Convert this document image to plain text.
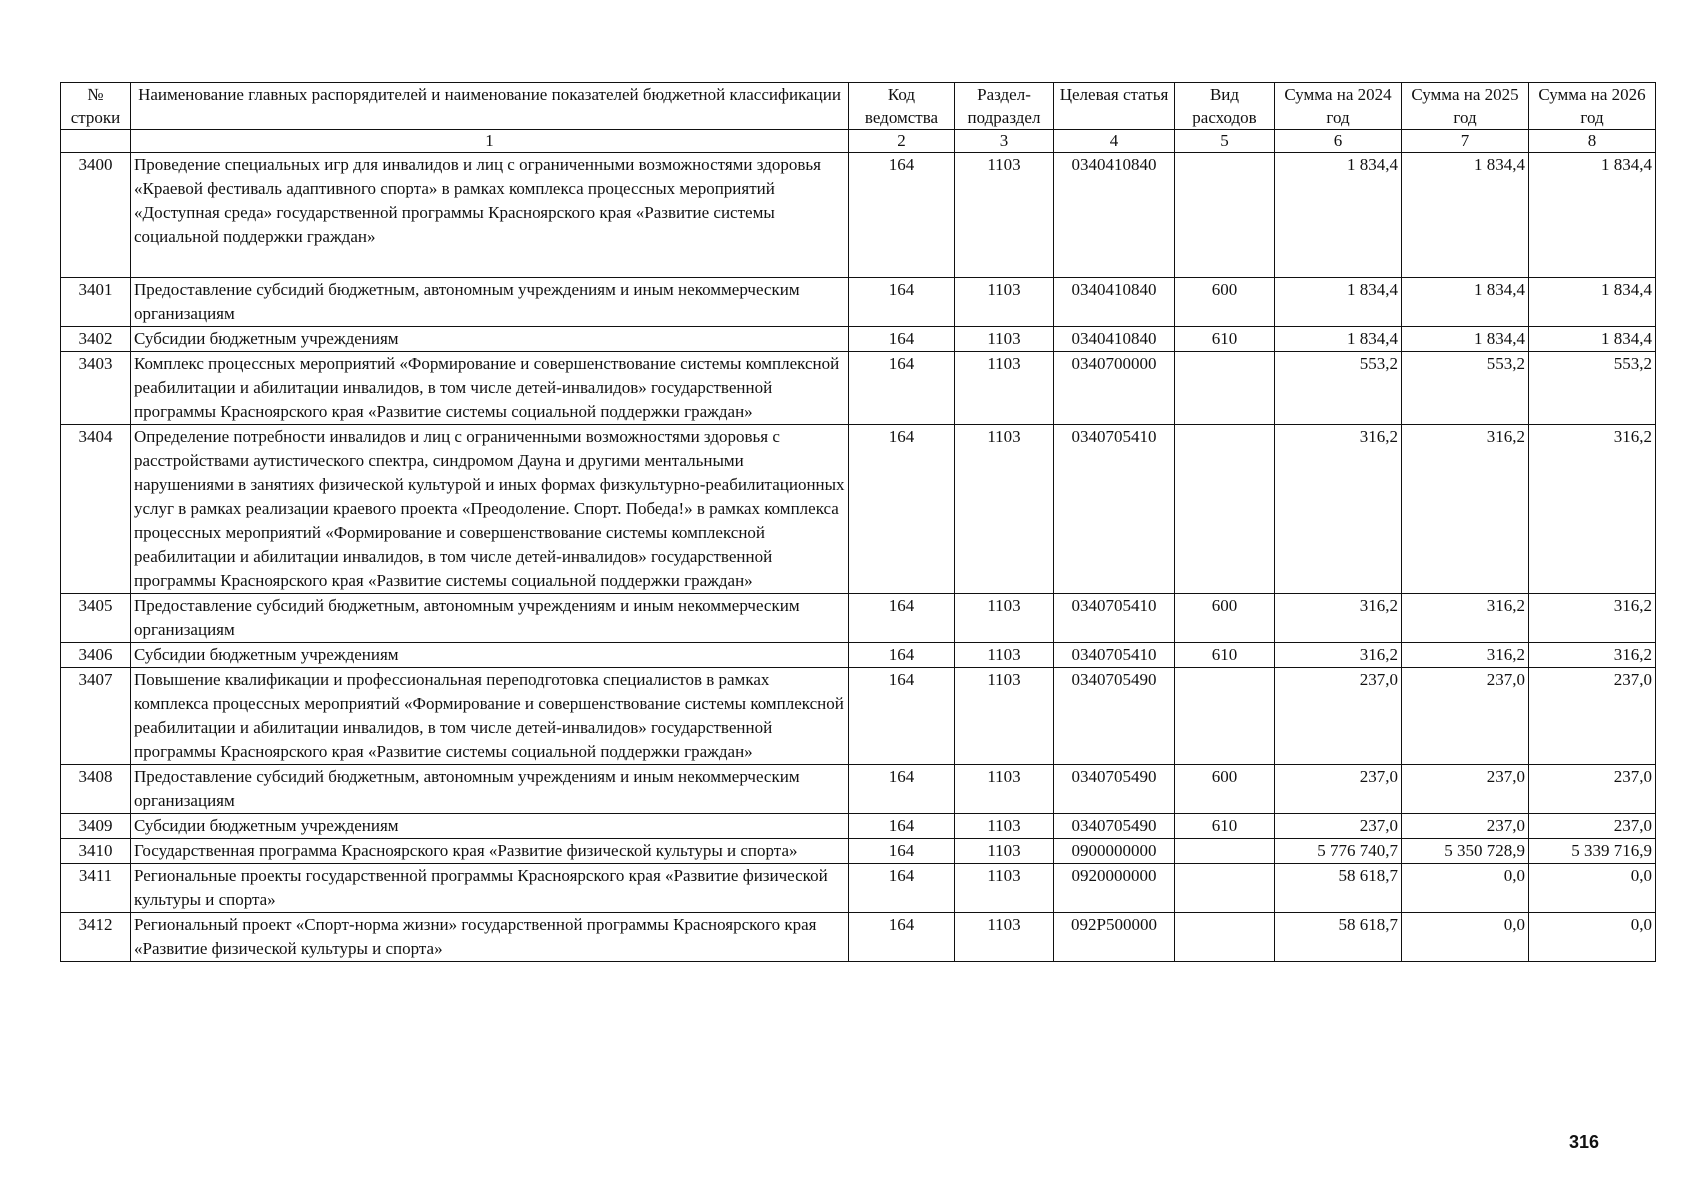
№ строки	Наименование главных распорядителей и наименование показателей бюджетной классификации	Код ведомства	Раздел-подраздел	Целевая статья	Вид расходов	Сумма на 2024 год	Сумма на 2025 год	Сумма на 2026 год
	1	2	3	4	5	6	7	8
3400	Проведение специальных игр для инвалидов и лиц с ограниченными возможностями здоровья «Краевой фестиваль адаптивного спорта» в рамках комплекса процессных мероприятий «Доступная среда» государственной программы Красноярского края «Развитие системы социальной поддержки граждан»	164	1103	0340410840		1 834,4	1 834,4	1 834,4
3401	Предоставление субсидий бюджетным, автономным учреждениям и иным некоммерческим организациям	164	1103	0340410840	600	1 834,4	1 834,4	1 834,4
3402	Субсидии бюджетным учреждениям	164	1103	0340410840	610	1 834,4	1 834,4	1 834,4
3403	Комплекс процессных мероприятий «Формирование и совершенствование системы комплексной реабилитации и абилитации инвалидов, в том числе детей-инвалидов» государственной программы Красноярского края «Развитие системы социальной поддержки граждан»	164	1103	0340700000		553,2	553,2	553,2
3404	Определение потребности инвалидов и лиц с ограниченными возможностями здоровья с расстройствами аутистического спектра, синдромом Дауна и другими ментальными нарушениями в занятиях физической культурой и иных формах физкультурно-реабилитационных услуг в рамках реализации краевого проекта «Преодоление. Спорт. Победа!» в рамках комплекса процессных мероприятий «Формирование и совершенствование системы комплексной реабилитации и абилитации инвалидов, в том числе детей-инвалидов» государственной программы Красноярского края «Развитие системы социальной поддержки граждан»	164	1103	0340705410		316,2	316,2	316,2
3405	Предоставление субсидий бюджетным, автономным учреждениям и иным некоммерческим организациям	164	1103	0340705410	600	316,2	316,2	316,2
3406	Субсидии бюджетным учреждениям	164	1103	0340705410	610	316,2	316,2	316,2
3407	Повышение квалификации и профессиональная переподготовка специалистов в рамках комплекса процессных мероприятий «Формирование и совершенствование системы комплексной реабилитации и абилитации инвалидов, в том числе детей-инвалидов» государственной программы Красноярского края «Развитие системы социальной поддержки граждан»	164	1103	0340705490		237,0	237,0	237,0
3408	Предоставление субсидий бюджетным, автономным учреждениям и иным некоммерческим организациям	164	1103	0340705490	600	237,0	237,0	237,0
3409	Субсидии бюджетным учреждениям	164	1103	0340705490	610	237,0	237,0	237,0
3410	Государственная программа Красноярского края «Развитие физической культуры и спорта»	164	1103	0900000000		5 776 740,7	5 350 728,9	5 339 716,9
3411	Региональные проекты государственной программы Красноярского края «Развитие физической культуры и спорта»	164	1103	0920000000		58 618,7	0,0	0,0
3412	Региональный проект «Спорт-норма жизни» государственной программы Красноярского края «Развитие физической культуры и спорта»	164	1103	092P500000		58 618,7	0,0	0,0
316
